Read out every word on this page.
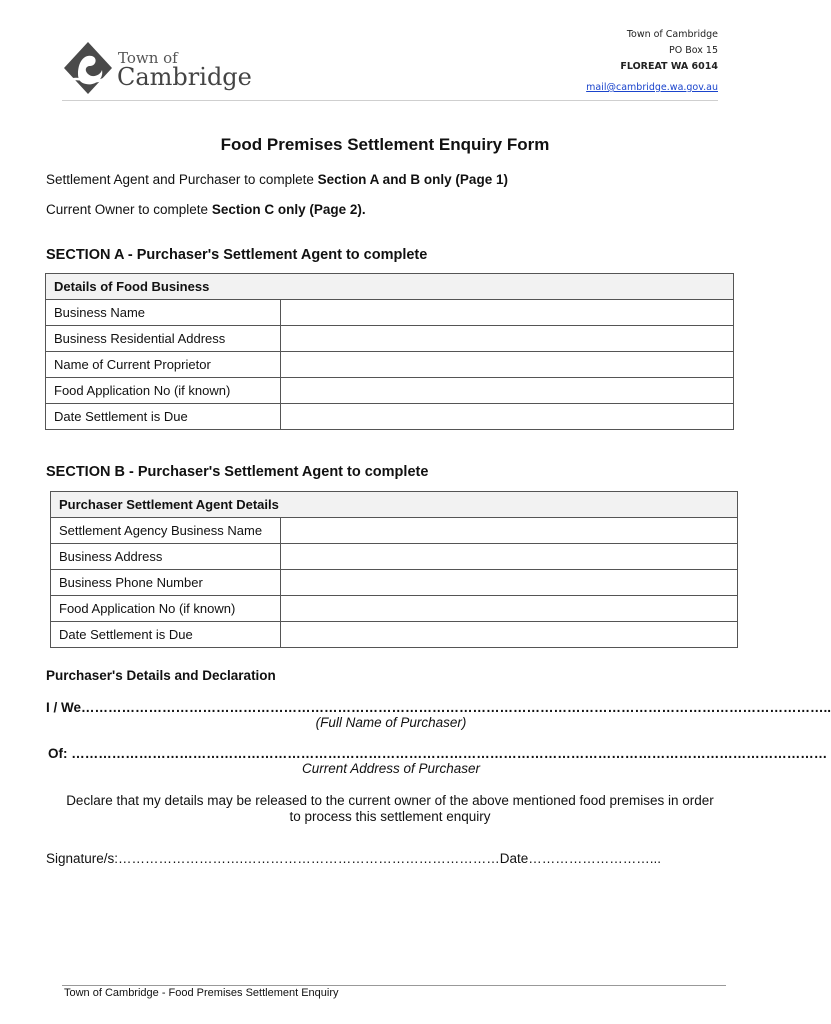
Town of
Cambridge
Town of Cambridge
PO Box 15
FLOREAT WA 6014
mail@cambridge.wa.gov.au
Food Premises Settlement Enquiry Form
Settlement Agent and Purchaser to complete Section A and B only (Page 1)
Current Owner to complete Section C only (Page 2).
SECTION A - Purchaser's Settlement Agent to complete
Details of Food Business	
Business Name	
Business Residential Address	
Name of Current Proprietor	
Food Application No (if known)	
Date Settlement is Due	
SECTION B - Purchaser's Settlement Agent to complete
Purchaser Settlement Agent Details	
Settlement Agency Business Name	
Business Address	
Business Phone Number	
Food Application No (if known)	
Date Settlement is Due	
Purchaser's Details and Declaration
I / We…………………………………………………………………………………………………………………………………………………..
(Full Name of Purchaser)
Of: ……………………………………………………………………………………………………………………………………………………
Current Address of Purchaser
Declare that my details may be released to the current owner of the above mentioned food premises in order
to process this settlement enquiry
Signature/s:……………………….…………………………………………………Date………………………...
Town of Cambridge - Food Premises Settlement Enquiry
